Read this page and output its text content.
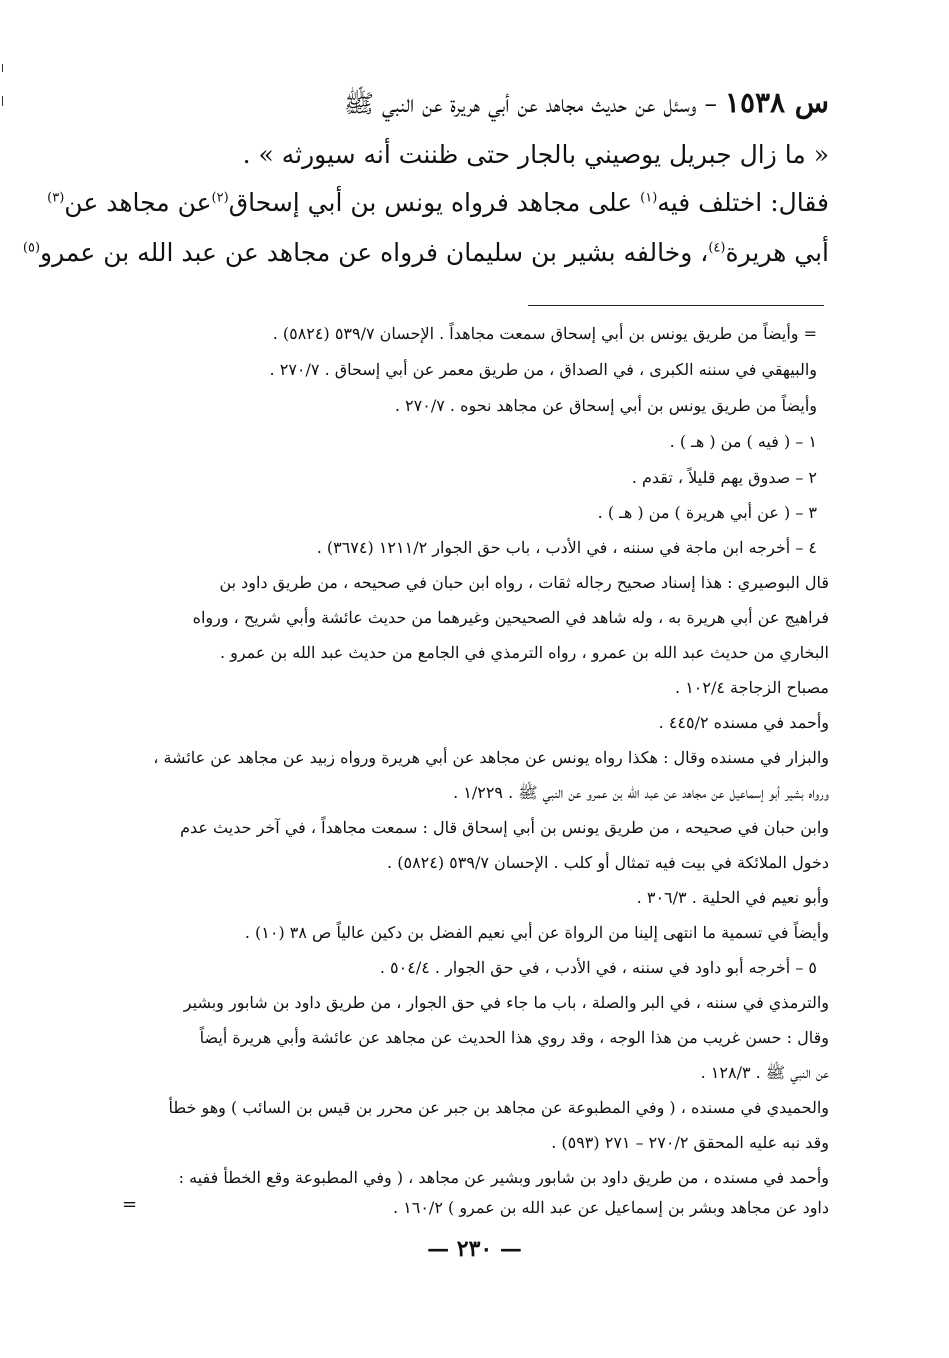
س ١٥٣٨ – وسئل عن حديث مجاهد عن أبي هريرة عن النبي ﷺ
« ما زال جبريل يوصيني بالجار حتى ظننت أنه سيورثه » .
فقال: اختلف فيه$^{(١)}$ على مجاهد فرواه يونس بن أبي إسحاق$^{(٢)}$عن مجاهد عن$^{(٣)}$
أبي هريرة$^{(٤)}$، وخالفه بشير بن سليمان فرواه عن مجاهد عن عبد الله بن عمرو$^{(٥)}$
= وأيضاً من طريق يونس بن أبي إسحاق سمعت مجاهداً . الإحسان ٥٣٩/٧ (٥٨٢٤) .
والبيهقي في سننه الكبرى ، في الصداق ، من طريق معمر عن أبي إسحاق . ٢٧٠/٧ .
وأيضاً من طريق يونس بن أبي إسحاق عن مجاهد نحوه . ٢٧٠/٧ .
١ – ( فيه ) من ( هـ ) .
٢ – صدوق يهم قليلاً ، تقدم .
٣ – ( عن أبي هريرة ) من ( هـ ) .
٤ – أخرجه ابن ماجة في سننه ، في الأدب ، باب حق الجوار ١٢١١/٢ (٣٦٧٤) .
قال البوصيري : هذا إسناد صحيح رجاله ثقات ، رواه ابن حبان في صحيحه ، من طريق داود بن
فراهيج عن أبي هريرة به ، وله شاهد في الصحيحين وغيرهما من حديث عائشة وأبي شريح ، ورواه
البخاري من حديث عبد الله بن عمرو ، رواه الترمذي في الجامع من حديث عبد الله بن عمرو .
مصباح الزجاجة ١٠٢/٤ .
وأحمد في مسنده ٤٤٥/٢ .
والبزار في مسنده وقال : هكذا رواه يونس عن مجاهد عن أبي هريرة ورواه زبيد عن مجاهد عن عائشة ،
ورواه بشير أبو إسماعيل عن مجاهد عن عبد الله بن عمرو عن النبي ﷺ . ١/٢٢٩ .
وابن حبان في صحيحه ، من طريق يونس بن أبي إسحاق قال : سمعت مجاهداً ، في آخر حديث عدم
دخول الملائكة في بيت فيه تمثال أو كلب . الإحسان ٥٣٩/٧ (٥٨٢٤) .
وأبو نعيم في الحلية . ٣٠٦/٣ .
وأيضاً في تسمية ما انتهى إلينا من الرواة عن أبي نعيم الفضل بن دكين عالياً ص ٣٨ (١٠) .
٥ – أخرجه أبو داود في سننه ، في الأدب ، في حق الجوار . ٥٠٤/٤ .
والترمذي في سننه ، في البر والصلة ، باب ما جاء في حق الجوار ، من طريق داود بن شابور وبشير
وقال : حسن غريب من هذا الوجه ، وقد روي هذا الحديث عن مجاهد عن عائشة وأبي هريرة أيضاً
عن النبي ﷺ . ١٢٨/٣ .
والحميدي في مسنده ، ( وفي المطبوعة عن مجاهد بن جبر عن محرر بن قيس بن السائب ) وهو خطأ
وقد نبه عليه المحقق ٢٧٠/٢ – ٢٧١ (٥٩٣) .
وأحمد في مسنده ، من طريق داود بن شابور وبشير عن مجاهد ، ( وفي المطبوعة وقع الخطأ ففيه :
داود عن مجاهد وبشر بن إسماعيل عن عبد الله بن عمرو ) ١٦٠/٢ .
=
— ٢٣٠ —
